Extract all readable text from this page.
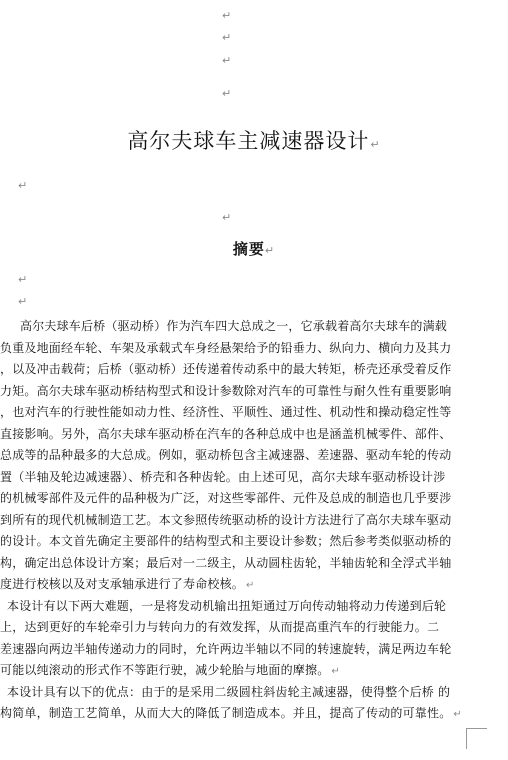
↵
↵
↵
↵
高尔夫球车主减速器设计↵
↵
↵
摘要↵
↵
↵
高尔夫球车后桥（驱动桥）作为汽车四大总成之一，它承载着高尔夫球车的满载
负重及地面经车轮、车架及承载式车身经悬架给予的铅垂力、纵向力、横向力及其力
，以及冲击载荷；后桥（驱动桥）还传递着传动系中的最大转矩，桥壳还承受着反作
力矩。高尔夫球车驱动桥结构型式和设计参数除对汽车的可靠性与耐久性有重要影响
，也对汽车的行驶性能如动力性、经济性、平顺性、通过性、机动性和操动稳定性等
直接影响。另外，高尔夫球车驱动桥在汽车的各种总成中也是涵盖机械零件、部件、
总成等的品种最多的大总成。例如，驱动桥包含主减速器、差速器、驱动车轮的传动
置（半轴及轮边减速器）、桥壳和各种齿轮。由上述可见，高尔夫球车驱动桥设计涉
的机械零部件及元件的品种极为广泛，对这些零部件、元件及总成的制造也几乎要涉
到所有的现代机械制造工艺。本文参照传统驱动桥的设计方法进行了高尔夫球车驱动
的设计。本文首先确定主要部件的结构型式和主要设计参数；然后参考类似驱动桥的
构，确定出总体设计方案；最后对一二级主，从动圆柱齿轮，半轴齿轮和全浮式半轴
度进行校核以及对支承轴承进行了寿命校核。 ↵
本设计有以下两大难题，一是将发动机输出扭矩通过万向传动轴将动力传递到后轮
上，达到更好的车轮牵引力与转向力的有效发挥，从而提高重汽车的行驶能力。二
差速器向两边半轴传递动力的同时，允许两边半轴以不同的转速旋转，满足两边车轮
可能以纯滚动的形式作不等距行驶，减少轮胎与地面的摩擦。 ↵
本设计具有以下的优点：由于的是采用二级圆柱斜齿轮主减速器，使得整个后桥 的
构简单，制造工艺简单，从而大大的降低了制造成本。并且，提高了传动的可靠性。 ↵
